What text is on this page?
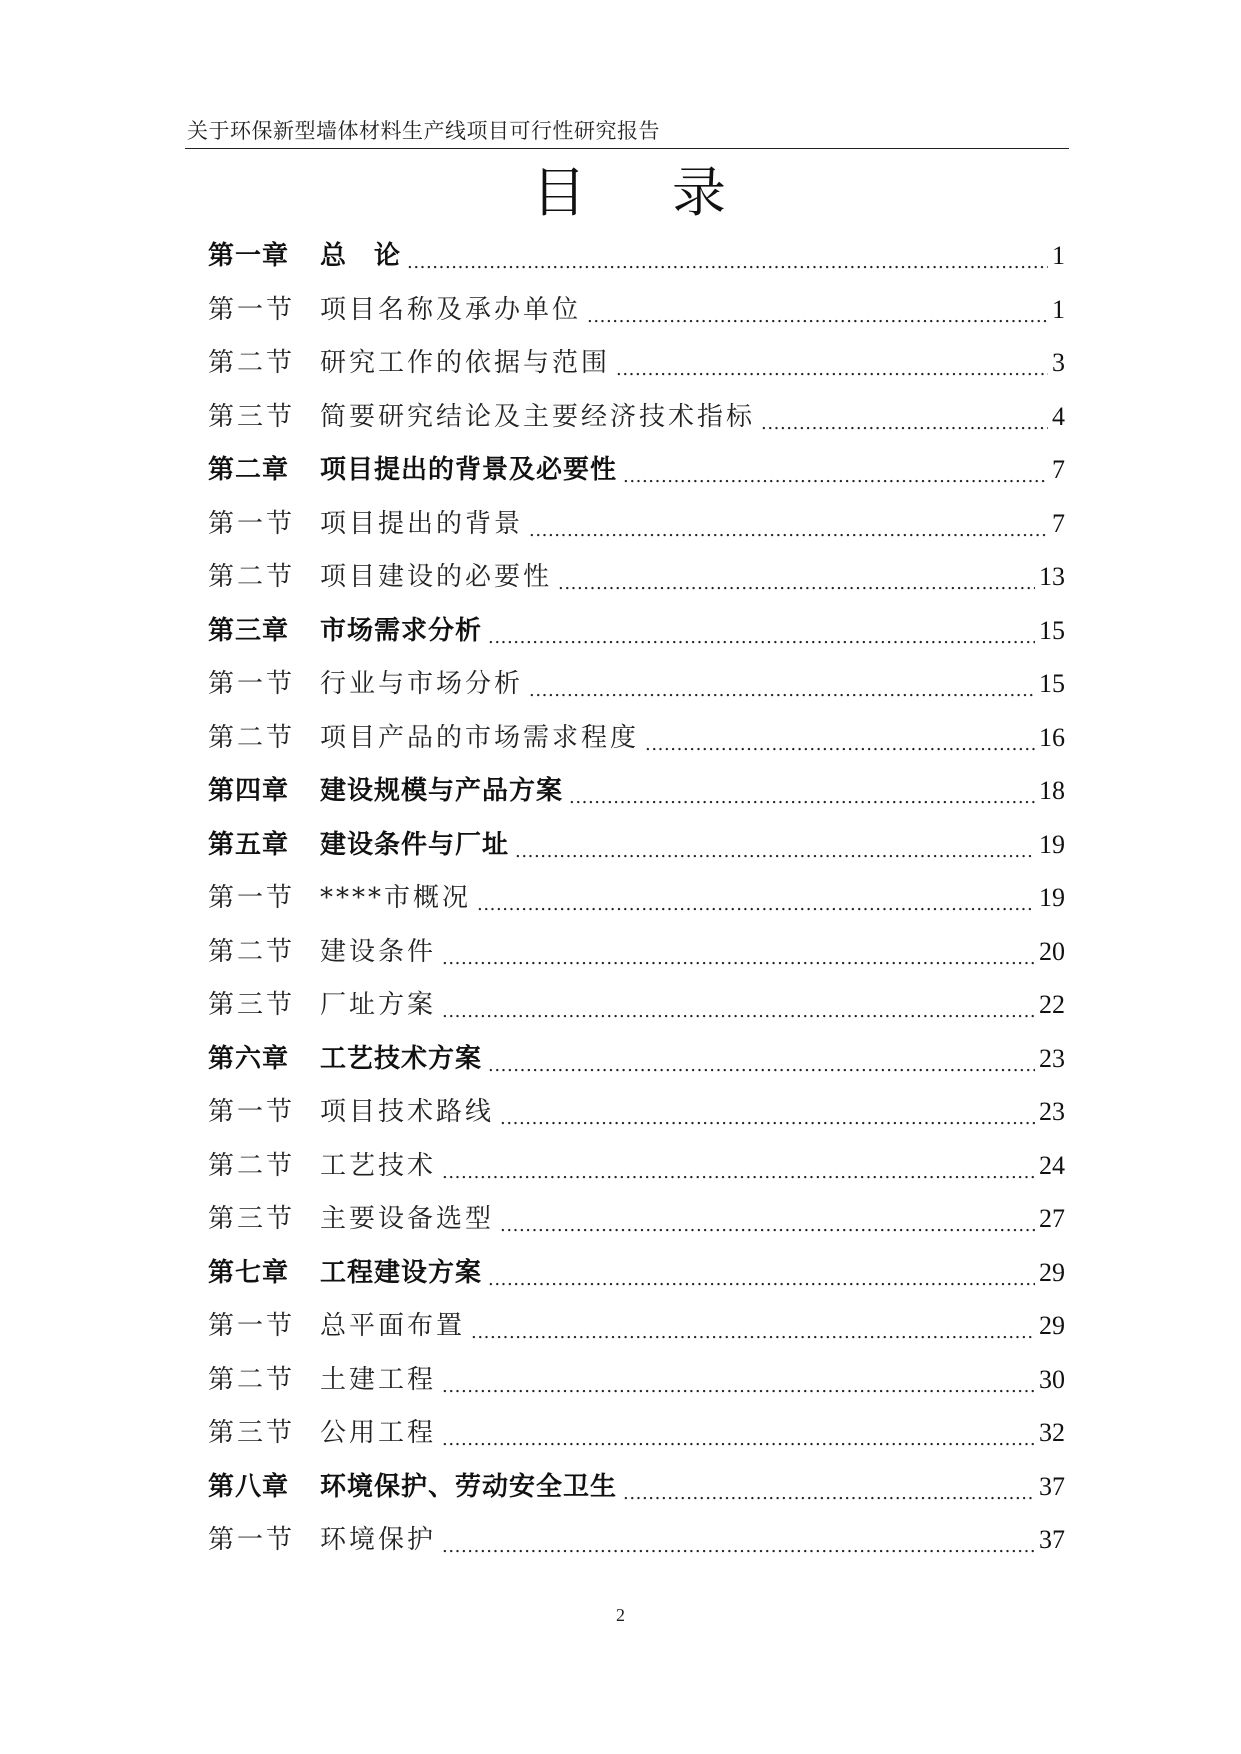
关于环保新型墙体材料生产线项目可行性研究报告
目 录
第一章	总　论 .....	1
第一节 项目名称及承办单位 .....	1
第二节 研究工作的依据与范围 .....	3
第三节 简要研究结论及主要经济技术指标 .....	4
第二章	项目提出的背景及必要性 .....	7
第一节 项目提出的背景 .....	7
第二节 项目建设的必要性 .....	13
第三章	市场需求分析 .....	15
第一节 行业与市场分析 .....	15
第二节 项目产品的市场需求程度 .....	16
第四章	建设规模与产品方案 .....	18
第五章	建设条件与厂址 .....	19
第一节 ****市概况 .....	19
第二节 建设条件 .....	20
第三节 厂址方案 .....	22
第六章	工艺技术方案 .....	23
第一节 项目技术路线 .....	23
第二节 工艺技术 .....	24
第三节 主要设备选型 .....	27
第七章	工程建设方案 .....	29
第一节 总平面布置 .....	29
第二节 土建工程 .....	30
第三节 公用工程 .....	32
第八章	环境保护、劳动安全卫生 .....	37
第一节 环境保护 .....	37
2
